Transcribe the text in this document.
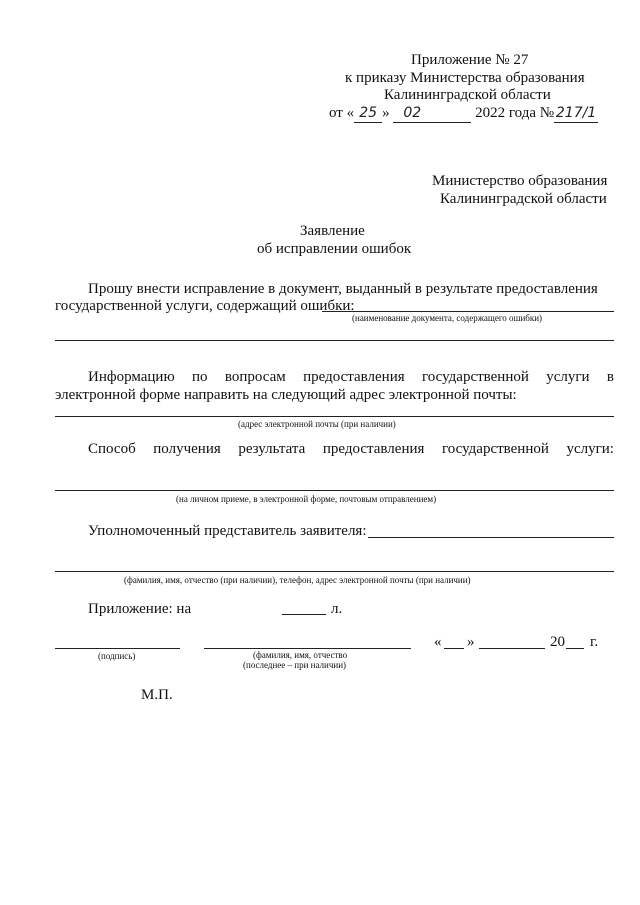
Приложение № 27
к приказу Министерства образования
Калининградской области
от « 25 » 02	2022 года № 217/1
Министерство образования
Калининградской области
Заявление
об исправлении ошибок
Прошу внести исправление в документ, выданный в результате предоставления
государственной услуги, содержащий ошибки:
(наименование документа, содержащего ошибки)
Информацию по вопросам предоставления государственной услуги в
электронной форме направить на следующий адрес электронной почты:
(адрес электронной почты (при наличии)
Способ получения результата предоставления государственной услуги:
(на личном приеме, в электронной форме, почтовым отправлением)
Уполномоченный представитель заявителя:
(фамилия, имя, отчество (при наличии), телефон, адрес электронной почты (при наличии)
Приложение: на	л.
(подпись)	(фамилия, имя, отчество
(последнее – при наличии)
« »	20 г.
М.П.
